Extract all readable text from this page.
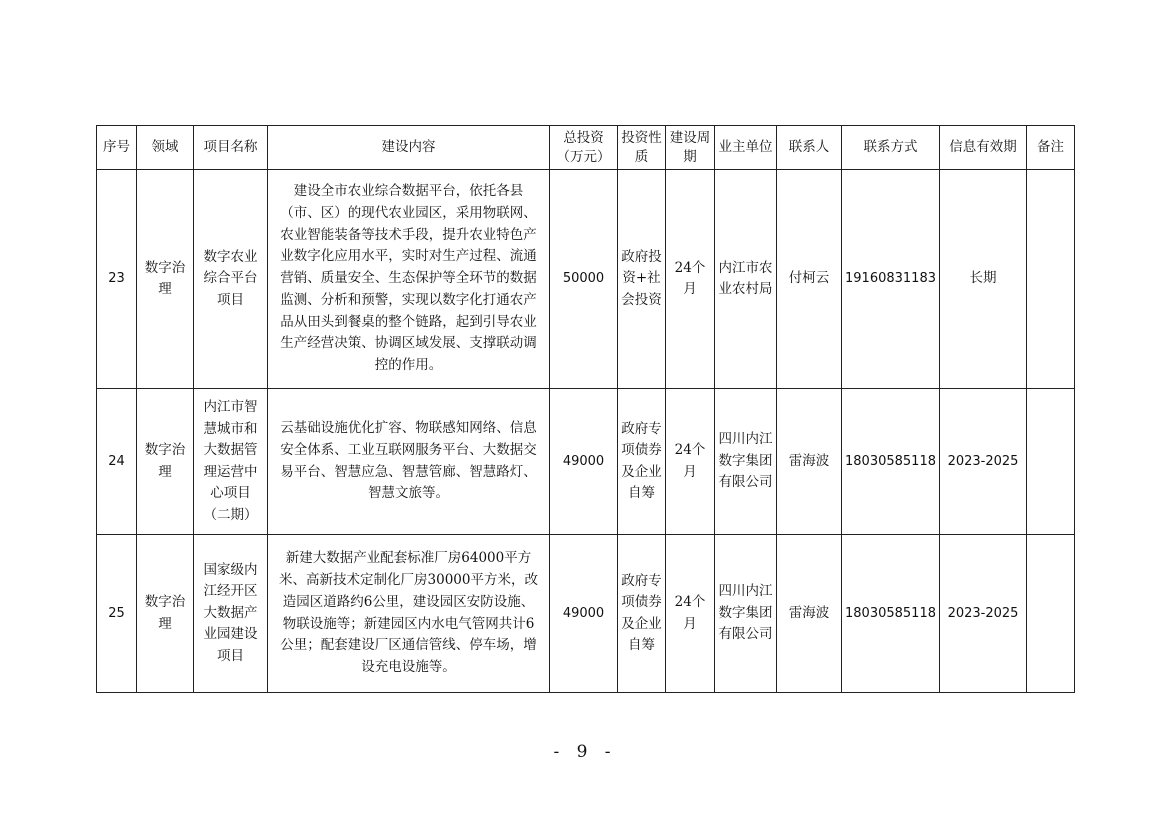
序号	领域	项目名称	建设内容	总投资（万元）	投资性质	建设周期	业主单位	联系人	联系方式	信息有效期	备注
23	数字治理	数字农业综合平台项目	建设全市农业综合数据平台，依托各县（市、区）的现代农业园区，采用物联网、农业智能装备等技术手段，提升农业特色产业数字化应用水平，实时对生产过程、流通营销、质量安全、生态保护等全环节的数据监测、分析和预警，实现以数字化打通农产品从田头到餐桌的整个链路，起到引导农业生产经营决策、协调区域发展、支撑联动调控的作用。	50000	政府投资+社会投资	24个月	内江市农业农村局	付柯云	19160831183	长期	
24	数字治理	内江市智慧城市和大数据管理运营中心项目（二期）	云基础设施优化扩容、物联感知网络、信息安全体系、工业互联网服务平台、大数据交易平台、智慧应急、智慧管廊、智慧路灯、智慧文旅等。	49000	政府专项债券及企业自筹	24个月	四川内江数字集团有限公司	雷海波	18030585118	2023-2025	
25	数字治理	国家级内江经开区大数据产业园建设项目	新建大数据产业配套标准厂房64000平方米、高新技术定制化厂房30000平方米，改造园区道路约6公里，建设园区安防设施、物联设施等；新建园区内水电气管网共计6公里；配套建设厂区通信管线、停车场，增设充电设施等。	49000	政府专项债券及企业自筹	24个月	四川内江数字集团有限公司	雷海波	18030585118	2023-2025	
- 9 -
